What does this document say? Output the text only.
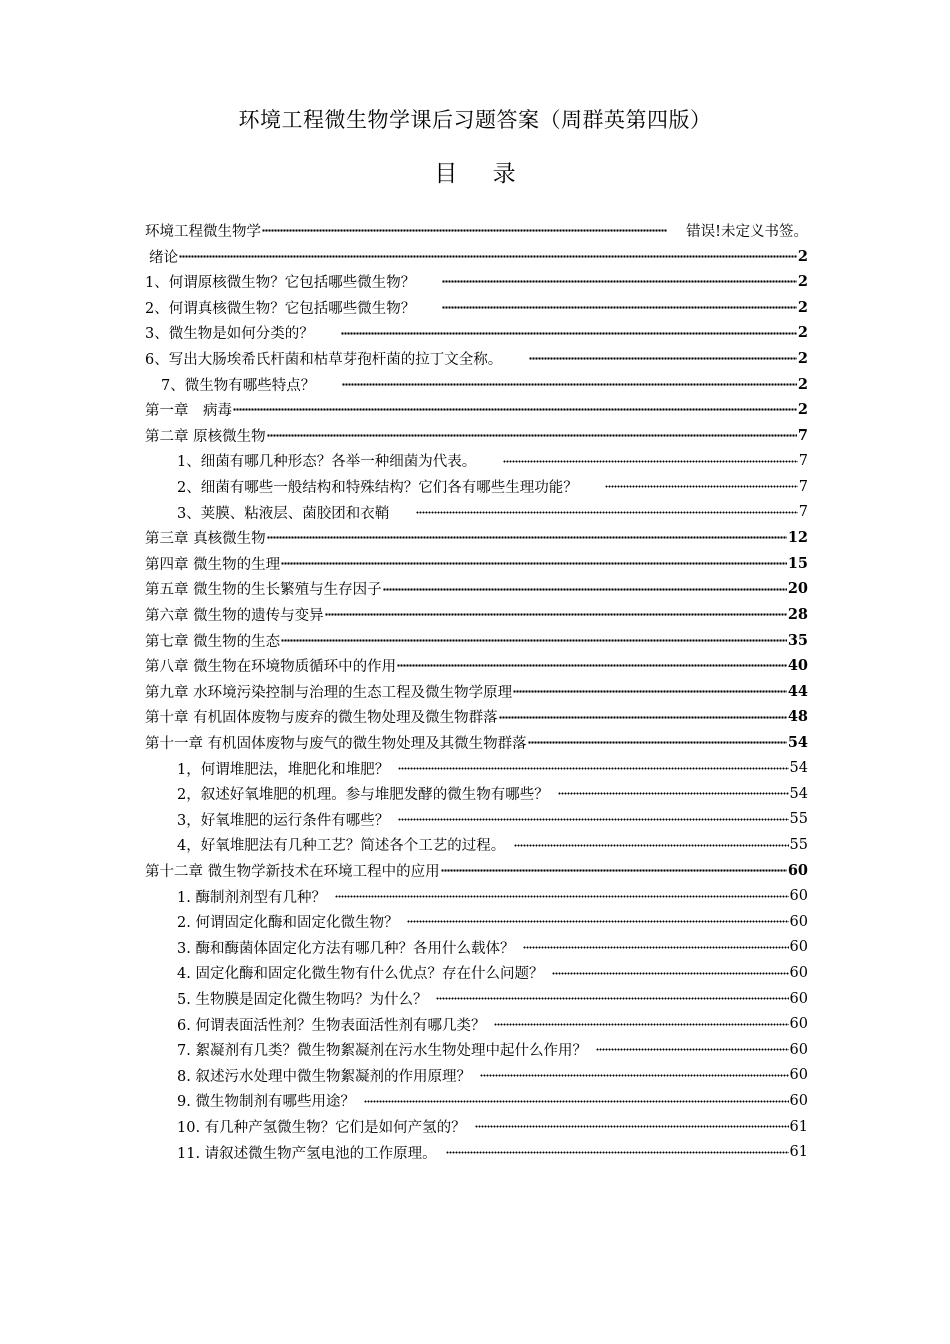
环境工程微生物学课后习题答案（周群英第四版）
目 录
环境工程微生物学	错误!未定义书签。
绪论	2
1、何谓原核微生物？它包括哪些微生物？	2
2、何谓真核微生物？它包括哪些微生物？	2
3、微生物是如何分类的？	2
6、写出大肠埃希氏杆菌和枯草芽孢杆菌的拉丁文全称。	2
7、微生物有哪些特点？	2
第一章　病毒	2
第二章 原核微生物	7
1、细菌有哪几种形态？各举一种细菌为代表。	7
2、细菌有哪些一般结构和特殊结构？它们各有哪些生理功能？	7
3、荚膜、粘液层、菌胶团和衣鞘	7
第三章 真核微生物	12
第四章 微生物的生理	15
第五章 微生物的生长繁殖与生存因子	20
第六章 微生物的遗传与变异	28
第七章 微生物的生态	35
第八章 微生物在环境物质循环中的作用	40
第九章 水环境污染控制与治理的生态工程及微生物学原理	44
第十章 有机固体废物与废弃的微生物处理及微生物群落	48
第十一章 有机固体废物与废气的微生物处理及其微生物群落	54
1，何谓堆肥法，堆肥化和堆肥？	54
2，叙述好氧堆肥的机理。参与堆肥发酵的微生物有哪些？	54
3，好氧堆肥的运行条件有哪些？	55
4，好氧堆肥法有几种工艺？简述各个工艺的过程。	55
第十二章 微生物学新技术在环境工程中的应用	60
1. 酶制剂剂型有几种？	60
2. 何谓固定化酶和固定化微生物？	60
3. 酶和酶菌体固定化方法有哪几种？各用什么载体？	60
4. 固定化酶和固定化微生物有什么优点？存在什么问题？	60
5. 生物膜是固定化微生物吗？为什么？	60
6. 何谓表面活性剂？生物表面活性剂有哪几类？	60
7. 絮凝剂有几类？微生物絮凝剂在污水生物处理中起什么作用？	60
8. 叙述污水处理中微生物絮凝剂的作用原理？	60
9. 微生物制剂有哪些用途？	60
10. 有几种产氢微生物？它们是如何产氢的？	61
11. 请叙述微生物产氢电池的工作原理。	61
